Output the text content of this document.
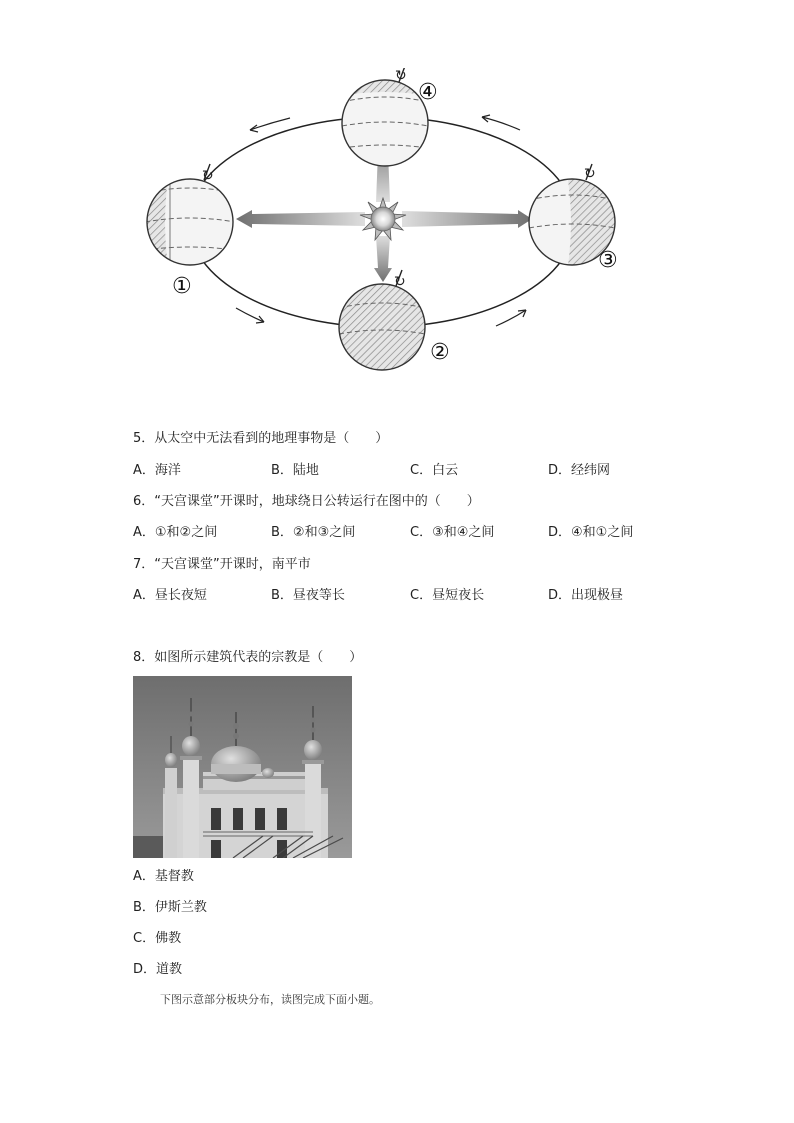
↻
↻
↻
↻
①
②
③
④
5．从太空中无法看到的地理事物是（　　）
A．海洋	B．陆地	C．白云	D．经纬网
6．“天宫课堂”开课时，地球绕日公转运行在图中的（　　）
A．①和②之间	B．②和③之间	C．③和④之间	D．④和①之间
7．“天宫课堂”开课时，南平市
A．昼长夜短	B．昼夜等长	C．昼短夜长	D．出现极昼
8．如图所示建筑代表的宗教是（　　）
A．基督教
B．伊斯兰教
C．佛教
D．道教
下图示意部分板块分布，读图完成下面小题。
